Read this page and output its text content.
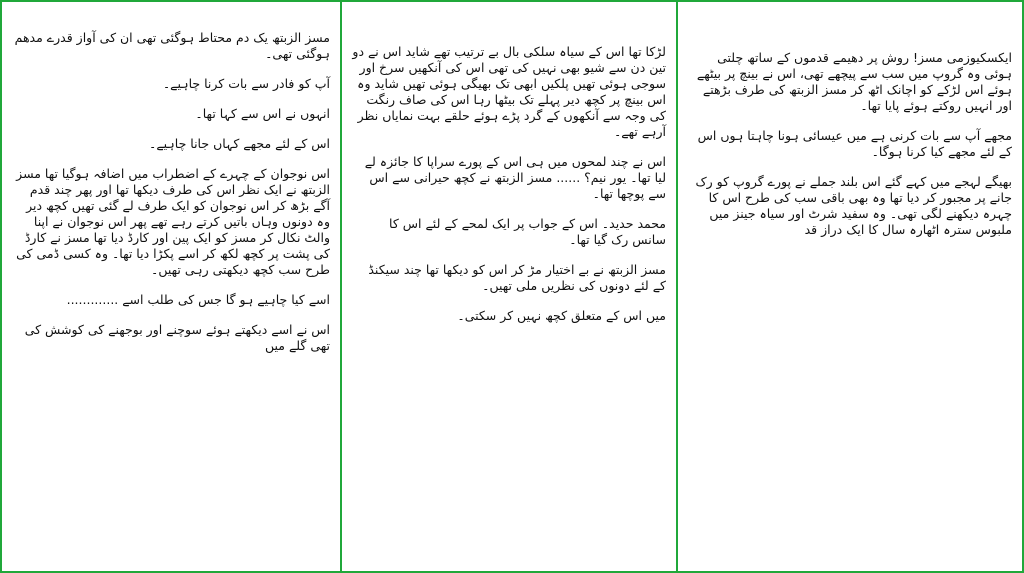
مسز الزبتھ یک دم محتاط ہوگئی تھی ان کی آواز قدرے مدھم ہوگئی تھی۔

آپ کو فادر سے بات کرنا چاہیے۔

انہوں نے اس سے کہا تھا۔

اس کے لئے مجھے کہاں جانا چاہیے۔

اس نوجوان کے چہرے کے اضطراب میں اضافہ ہوگیا تھا مسز الزبتھ نے ایک نظر اس کی طرف دیکھا تھا اور پھر چند قدم آگے بڑھ کر اس نوجوان کو ایک طرف لے گئی تھیں کچھ دیر وہ دونوں وہاں باتیں کرتے رہے تھے پھر اس نوجوان نے اپنا والٹ نکال کر مسز کو ایک پین اور کارڈ دیا تھا مسز نے کارڈ کی پشت پر کچھ لکھ کر اسے پکڑا دیا تھا۔ وہ کسی ڈمی کی طرح سب کچھ دیکھتی رہی تھیں۔

اسے کیا چاہیے ہو گا جس کی طلب اسے .............

اس نے اسے دیکھتے ہوئے سوچنے اور بوجھنے کی کوشش کی تھی گلے میں

لڑکا تھا اس کے سیاہ سلکی بال بے ترتیب تھے شاید اس نے دو تین دن سے شیو بھی نہیں کی تھی اس کی آنکھیں سرخ اور سوجی ہوئی تھیں پلکیں ابھی تک بھیگی ہوئی تھیں شاید وہ اس بینچ پر کچھ دیر پہلے تک بیٹھا رہا اس کی صاف رنگت کی وجہ سے آنکھوں کے گرد پڑے ہوئے حلقے بہت نمایاں نظر آرہے تھے۔

اس نے چند لمحوں میں ہی اس کے پورے سراپا کا جائزہ لے لیا تھا۔ یور نیم؟ ...... مسز الزبتھ نے کچھ حیرانی سے اس سے پوچھا تھا۔

محمد حدید۔ اس کے جواب پر ایک لمحے کے لئے اس کا سانس رک گیا تھا۔

مسز الزبتھ نے بے اختیار مڑ کر اس کو دیکھا تھا چند سیکنڈ کے لئے دونوں کی نظریں ملی تھیں۔

میں اس کے متعلق کچھ نہیں کر سکتی۔

ایکسکیوزمی مسز! روش پر دھیمے قدموں کے ساتھ چلتی ہوئی وہ گروپ میں سب سے پیچھے تھی، اس نے بینچ پر بیٹھے ہوئے اس لڑکے کو اچانک اٹھ کر مسز الزبتھ کی طرف بڑھتے اور انہیں روکتے ہوئے پایا تھا۔

مجھے آپ سے بات کرنی ہے میں عیسائی ہونا چاہتا ہوں اس کے لئے مجھے کیا کرنا ہوگا۔

بھیگے لہجے میں کہے گئے اس بلند جملے نے پورے گروپ کو رک جانے پر مجبور کر دیا تھا وہ بھی باقی سب کی طرح اس کا چہرہ دیکھنے لگی تھی۔ وہ سفید شرٹ اور سیاہ جینز میں ملبوس سترہ اٹھارہ سال کا ایک دراز قد
